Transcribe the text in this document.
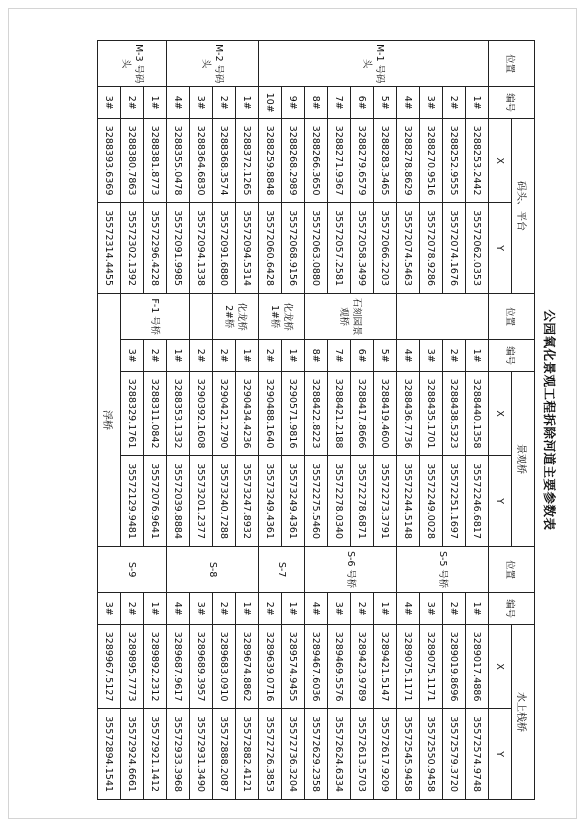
公园氧化景观工程拆除河道主要参数表
位置	编号	码头、平台		位置	编号	景观桥		位置	编号	水上栈桥	
		X	Y			X	Y			X	Y
M-1 号码头	1#	3288253.2442	35572062.0353		1#	3288440.1358	35572246.6817	S-5 号桥	1#	3289017.4886	35572574.9748
	2#	3288252.9555	35572074.1676		2#	3288438.5323	35572251.1697		2#	3289019.8696	35572579.3720
	3#	3288270.9516	35572078.9286		3#	3288435.1701	35572249.0028		3#	3289075.1171	35572550.9458
	4#	3288278.8629	35572074.5463		4#	3288436.7736	35572244.5148		4#	3289075.1171	35572545.9458
	5#	3288283.3465	35572066.2203	石刻园景观桥	5#	3288419.4600	35572273.3791	S-6 号桥	1#	3289421.5147	35572617.9209
	6#	3288279.6579	35572058.3499		6#	3288417.8666	35572278.6871		2#	3289423.9789	35572613.5703
	7#	3288271.9367	35572057.2581		7#	3288421.2188	35572278.0340		3#	3289469.5576	35572624.6334
	8#	3288266.3650	35572063.0880		8#	3288422.8223	35572275.5460		4#	3289467.6036	35572629.2358
	9#	3288268.2989	35572068.9156	化龙桥 1#桥	1#	3290571.9816	35573249.4361	S-7	1#	3289574.9455	35572736.3204
	10#	3288259.8848	35572060.6428		2#	3290488.1640	35573249.4361		2#	3289639.0716	35572726.3853
M-2 号码头	1#	3288372.1265	35572094.5314	化龙桥 2#桥	1#	3290434.4236	35573247.8932	S-8	1#	3289674.8862	35572882.4121
	2#	3288368.3574	35572091.6880		2#	3290421.2790	35573240.7288		2#	3289683.0910	35572888.2087
	3#	3288364.6830	35572094.1338		2#	3290392.1608	35573201.2377		3#	3289689.3957	35572931.3490
	4#	3288355.0478	35572091.9985	F-1 号桥	1#	3288353.1332	35572039.8884		4#	3289687.9617	35572933.3968
M-3 号码头	1#	3288381.8773	35572296.4228		2#	3288311.0842	35572076.9641	S-9	1#	3289892.2312	35572921.1412
	2#	3288380.7863	35572302.1392		3#	3288329.1761	35572129.9481		2#	3289895.7773	35572924.6661
	3#	3288393.6369	35572314.4455	浮桥					3#	3289967.5127	35572894.1541
